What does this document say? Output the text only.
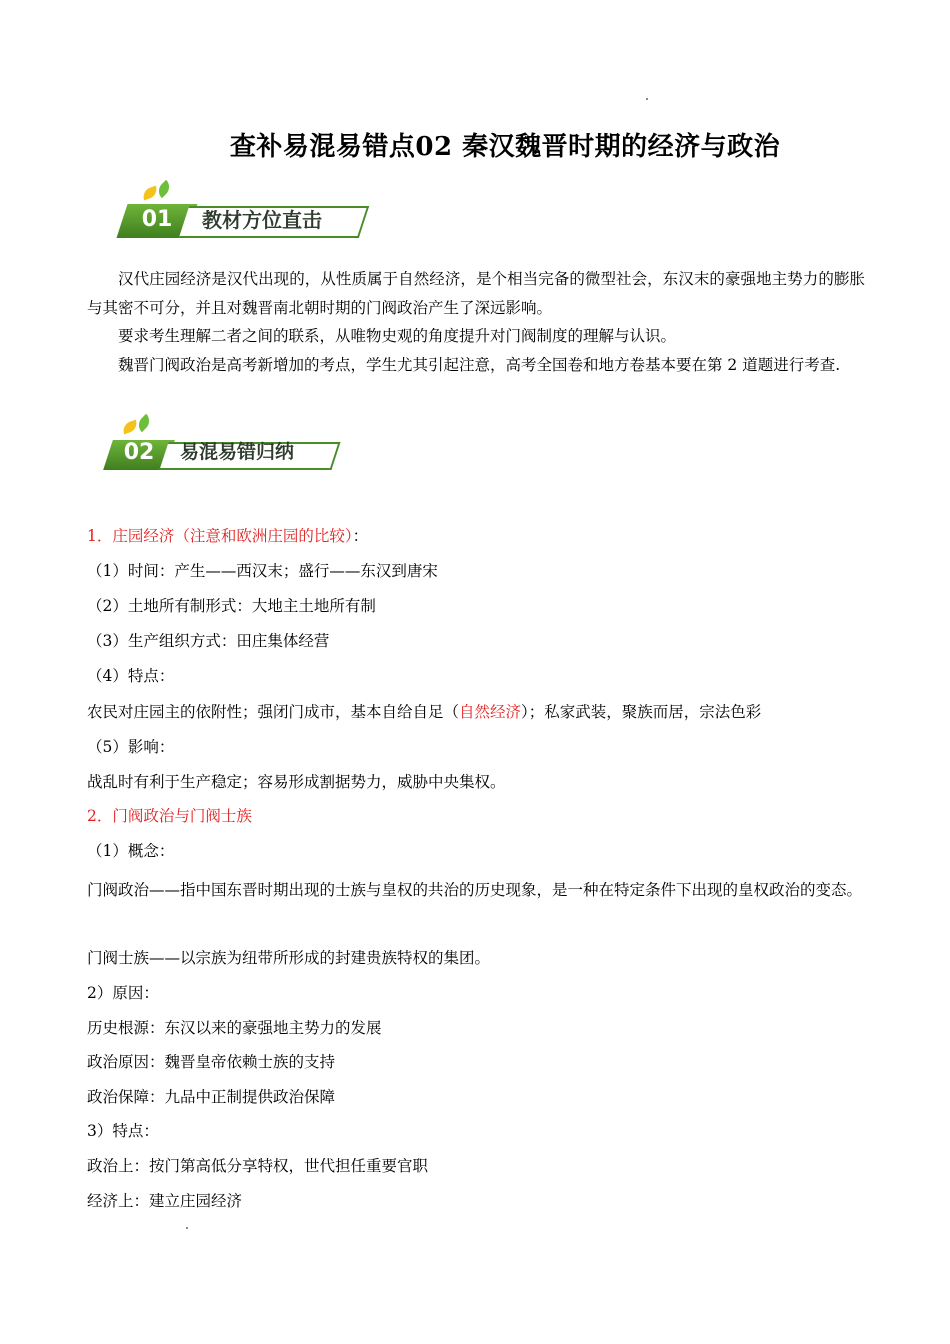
查补易混易错点02 秦汉魏晋时期的经济与政治
01	教材方位直击
汉代庄园经济是汉代出现的，从性质属于自然经济，是个相当完备的微型社会，东汉末的豪强地主势力的膨胀与其密不可分，并且对魏晋南北朝时期的门阀政治产生了深远影响。
要求考生理解二者之间的联系，从唯物史观的角度提升对门阀制度的理解与认识。
魏晋门阀政治是高考新增加的考点，学生尤其引起注意，高考全国卷和地方卷基本要在第 2 道题进行考查.
02	易混易错归纳
1．庄园经济（注意和欧洲庄园的比较）：
（1）时间：产生——西汉末；盛行——东汉到唐宋
（2）土地所有制形式：大地主土地所有制
（3）生产组织方式：田庄集体经营
（4）特点：
农民对庄园主的依附性；强闭门成市，基本自给自足（自然经济）；私家武装，聚族而居，宗法色彩
（5）影响：
战乱时有利于生产稳定；容易形成割据势力，威胁中央集权。
2．门阀政治与门阀士族
（1）概念：
门阀政治——指中国东晋时期出现的士族与皇权的共治的历史现象，是一种在特定条件下出现的皇权政治的变态。
门阀士族——以宗族为纽带所形成的封建贵族特权的集团。
2）原因：
历史根源：东汉以来的豪强地主势力的发展
政治原因：魏晋皇帝依赖士族的支持
政治保障：九品中正制提供政治保障
3）特点：
政治上：按门第高低分享特权，世代担任重要官职
经济上：建立庄园经济
